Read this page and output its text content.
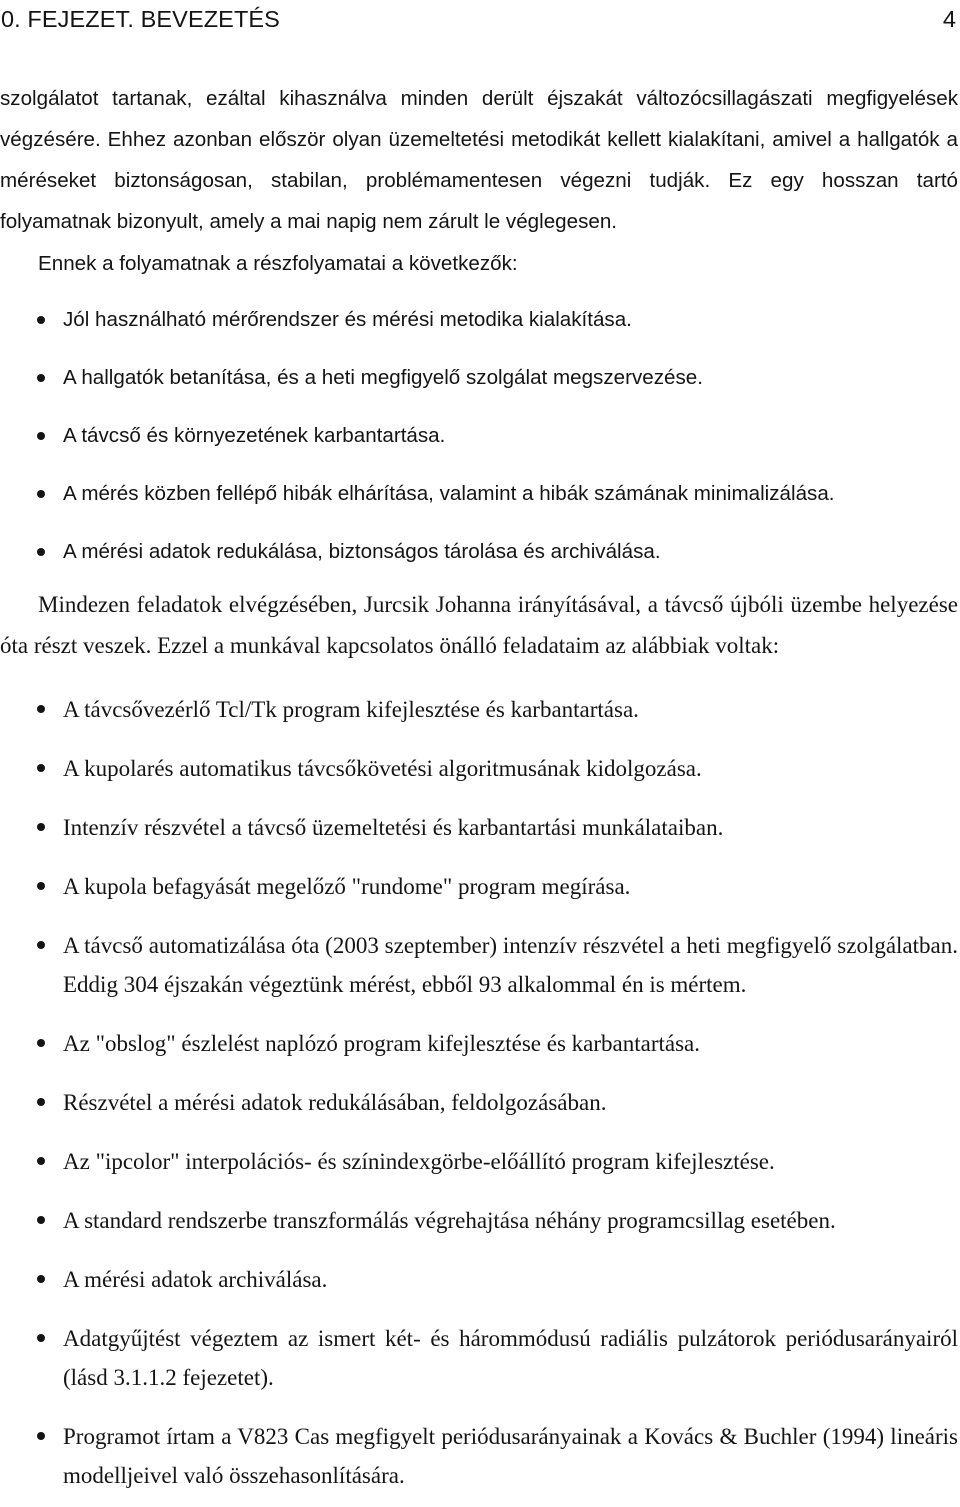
0. FEJEZET. BEVEZETÉS	4

szolgálatot tartanak, ezáltal kihasználva minden derült éjszakát változócsillagászati megfigyelések végzésére. Ehhez azonban először olyan üzemeltetési metodikát kellett kialakítani, amivel a hallgatók a méréseket biztonságosan, stabilan, problémamentesen végezni tudják. Ez egy hosszan tartó folyamatnak bizonyult, amely a mai napig nem zárult le véglegesen.

Ennek a folyamatnak a részfolyamatai a következők:

Jól használható mérőrendszer és mérési metodika kialakítása.
A hallgatók betanítása, és a heti megfigyelő szolgálat megszervezése.
A távcső és környezetének karbantartása.
A mérés közben fellépő hibák elhárítása, valamint a hibák számának minimalizálása.
A mérési adatok redukálása, biztonságos tárolása és archiválása.

Mindezen feladatok elvégzésében, Jurcsik Johanna irányításával, a távcső újbóli üzembe helyezése óta részt veszek. Ezzel a munkával kapcsolatos önálló feladataim az alábbiak voltak:

A távcsővezérlő Tcl/Tk program kifejlesztése és karbantartása.
A kupolarés automatikus távcsőkövetési algoritmusának kidolgozása.
Intenzív részvétel a távcső üzemeltetési és karbantartási munkálataiban.
A kupola befagyását megelőző "rundome" program megírása.
A távcső automatizálása óta (2003 szeptember) intenzív részvétel a heti megfigyelő szolgálatban. Eddig 304 éjszakán végeztünk mérést, ebből 93 alkalommal én is mértem.
Az "obslog" észlelést naplózó program kifejlesztése és karbantartása.
Részvétel a mérési adatok redukálásában, feldolgozásában.
Az "ipcolor" interpolációs- és színindexgörbe-előállító program kifejlesztése.
A standard rendszerbe transzformálás végrehajtása néhány programcsillag esetében.
A mérési adatok archiválása.
Adatgyűjtést végeztem az ismert két- és hárommódusú radiális pulzátorok periódusarányairól (lásd 3.1.1.2 fejezetet).
Programot írtam a V823 Cas megfigyelt periódusarányainak a Kovács & Buchler (1994) lineáris modelljeivel való összehasonlítására.
